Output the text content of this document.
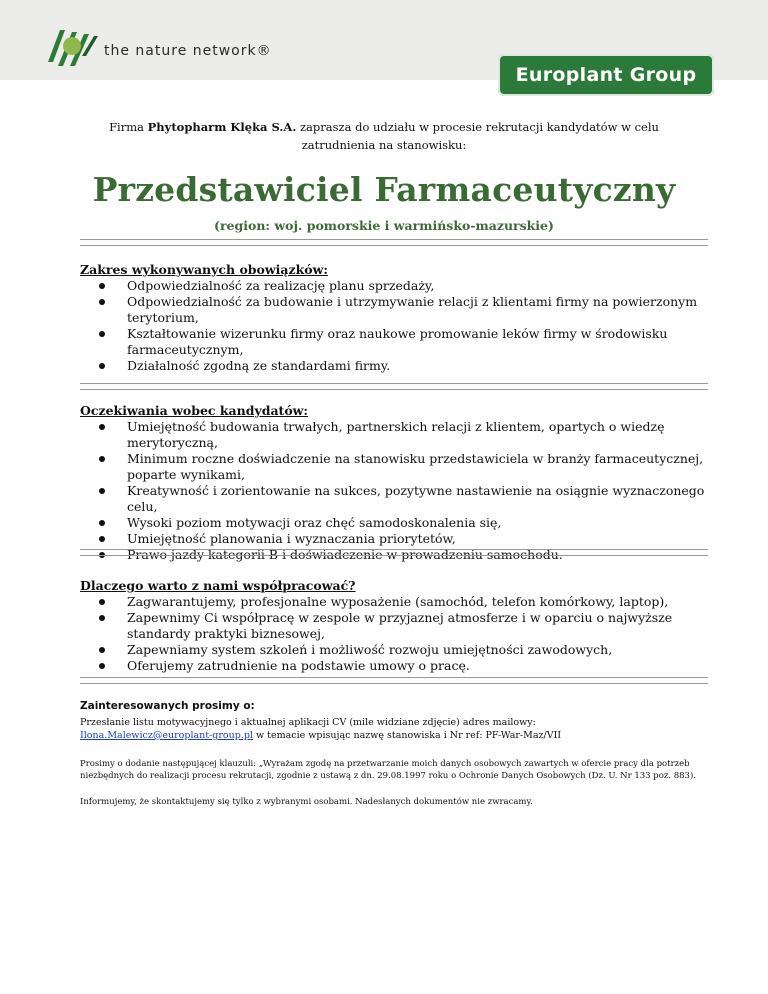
the nature network®
Europlant Group
Firma Phytopharm Klęka S.A. zaprasza do udziału w procesie rekrutacji kandydatów w celu zatrudnienia na stanowisku:
Przedstawiciel Farmaceutyczny
(region: woj. pomorskie i warmińsko-mazurskie)
Zakres wykonywanych obowiązków:
Odpowiedzialność za realizację planu sprzedaży,
Odpowiedzialność za budowanie i utrzymywanie relacji z klientami firmy na powierzonym terytorium,
Kształtowanie wizerunku firmy oraz naukowe promowanie leków firmy w środowisku farmaceutycznym,
Działalność zgodną ze standardami firmy.
Oczekiwania wobec kandydatów:
Umiejętność budowania trwałych, partnerskich relacji z klientem, opartych o wiedzę merytoryczną,
Minimum roczne doświadczenie na stanowisku przedstawiciela w branży farmaceutycznej, poparte wynikami,
Kreatywność i zorientowanie na sukces, pozytywne nastawienie na osiągnie wyznaczonego celu,
Wysoki poziom motywacji oraz chęć samodoskonalenia się,
Umiejętność planowania i wyznaczania priorytetów,
Prawo jazdy kategorii B i doświadczenie w prowadzeniu samochodu.
Dlaczego warto z nami współpracować?
Zagwarantujemy, profesjonalne wyposażenie (samochód, telefon komórkowy, laptop),
Zapewnimy Ci współpracę w zespole w przyjaznej atmosferze i w oparciu o najwyższe standardy praktyki biznesowej,
Zapewniamy system szkoleń i możliwość rozwoju umiejętności zawodowych,
Oferujemy zatrudnienie na podstawie umowy o pracę.
Zainteresowanych prosimy o:

Przesłanie listu motywacyjnego i aktualnej aplikacji CV (mile widziane zdjęcie) adres mailowy:
Ilona.Malewicz@europlant-group.pl w temacie wpisując nazwę stanowiska i Nr ref: PF-War-Maz/VII

Prosimy o dodanie następującej klauzuli: „Wyrażam zgodę na przetwarzanie moich danych osobowych zawartych w ofercie pracy dla potrzeb niezbędnych do realizacji procesu rekrutacji, zgodnie z ustawą z dn. 29.08.1997 roku o Ochronie Danych Osobowych (Dz. U. Nr 133 poz. 883).

Informujemy, że skontaktujemy się tylko z wybranymi osobami. Nadesłanych dokumentów nie zwracamy.
